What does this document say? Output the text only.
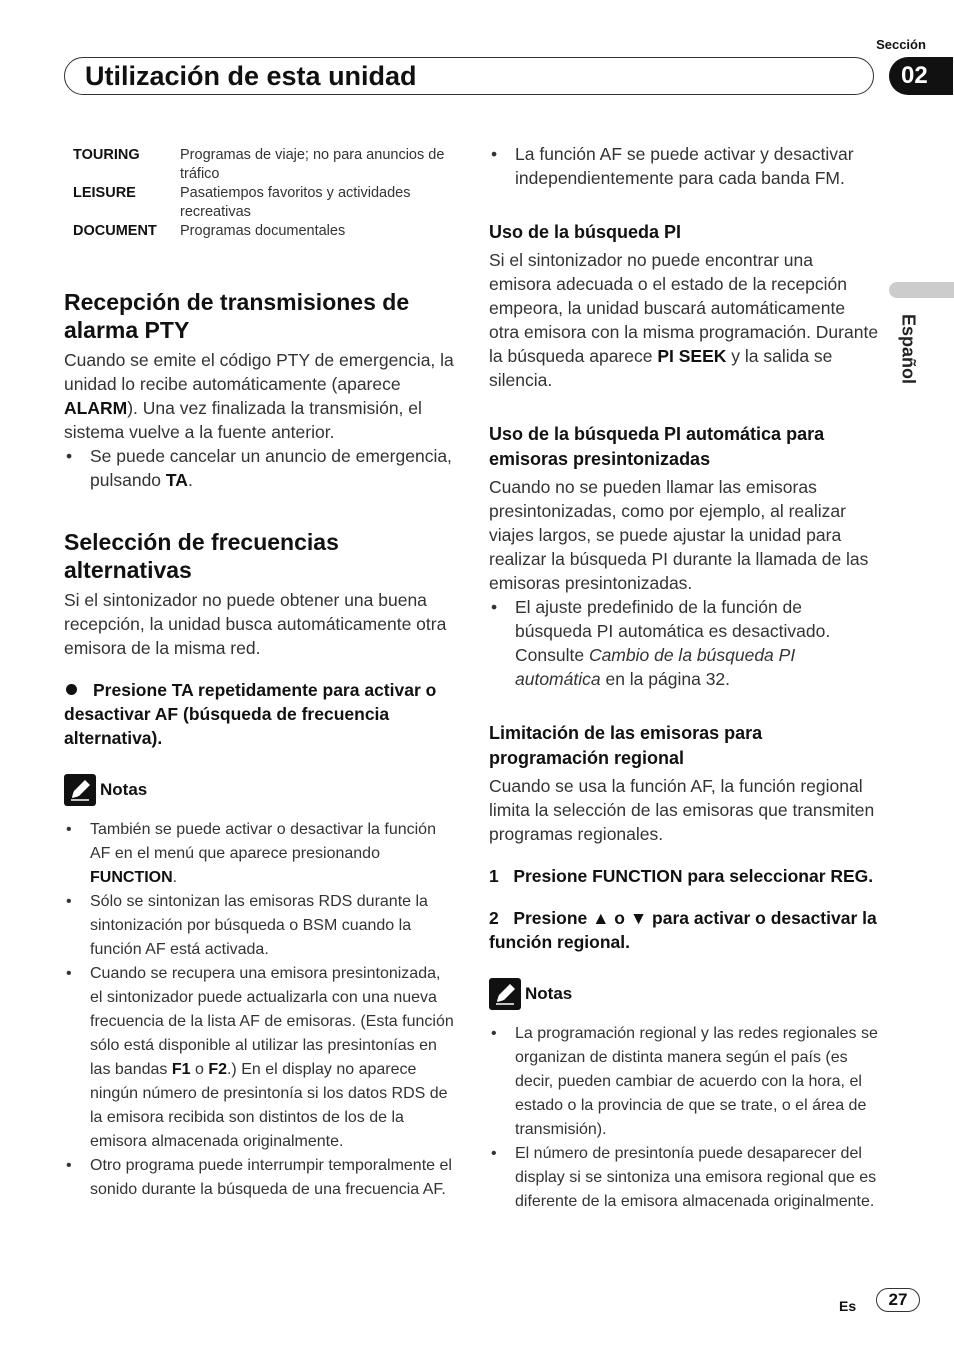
Sección
Utilización de esta unidad	02
Español
TOURING	Programas de viaje; no para anuncios de tráfico
LEISURE	Pasatiempos favoritos y actividades recreativas
DOCUMENT	Programas documentales
Recepción de transmisiones de alarma PTY

Cuando se emite el código PTY de emergencia, la unidad lo recibe automáticamente (aparece ALARM). Una vez finalizada la transmisión, el sistema vuelve a la fuente anterior.

• Se puede cancelar un anuncio de emergencia, pulsando TA.

Selección de frecuencias alternativas

Si el sintonizador no puede obtener una buena recepción, la unidad busca automáticamente otra emisora de la misma red.

Presione TA repetidamente para activar o desactivar AF (búsqueda de frecuencia alternativa).

Notas

• También se puede activar o desactivar la función AF en el menú que aparece presionando FUNCTION.

• Sólo se sintonizan las emisoras RDS durante la sintonización por búsqueda o BSM cuando la función AF está activada.

• Cuando se recupera una emisora presintonizada, el sintonizador puede actualizarla con una nueva frecuencia de la lista AF de emisoras. (Esta función sólo está disponible al utilizar las presintonías en las bandas F1 o F2.) En el display no aparece ningún número de presintonía si los datos RDS de la emisora recibida son distintos de los de la emisora almacenada originalmente.

• Otro programa puede interrumpir temporalmente el sonido durante la búsqueda de una frecuencia AF.

• La función AF se puede activar y desactivar independientemente para cada banda FM.

Uso de la búsqueda PI

Si el sintonizador no puede encontrar una emisora adecuada o el estado de la recepción empeora, la unidad buscará automáticamente otra emisora con la misma programación. Durante la búsqueda aparece PI SEEK y la salida se silencia.

Uso de la búsqueda PI automática para emisoras presintonizadas

Cuando no se pueden llamar las emisoras presintonizadas, como por ejemplo, al realizar viajes largos, se puede ajustar la unidad para realizar la búsqueda PI durante la llamada de las emisoras presintonizadas.

• El ajuste predefinido de la función de búsqueda PI automática es desactivado. Consulte Cambio de la búsqueda PI automática en la página 32.

Limitación de las emisoras para programación regional

Cuando se usa la función AF, la función regional limita la selección de las emisoras que transmiten programas regionales.

1   Presione FUNCTION para seleccionar REG.

2   Presione ▲ o ▼ para activar o desactivar la función regional.

Notas

• La programación regional y las redes regionales se organizan de distinta manera según el país (es decir, pueden cambiar de acuerdo con la hora, el estado o la provincia de que se trate, o el área de transmisión).

• El número de presintonía puede desaparecer del display si se sintoniza una emisora regional que es diferente de la emisora almacenada originalmente.

Es	27
